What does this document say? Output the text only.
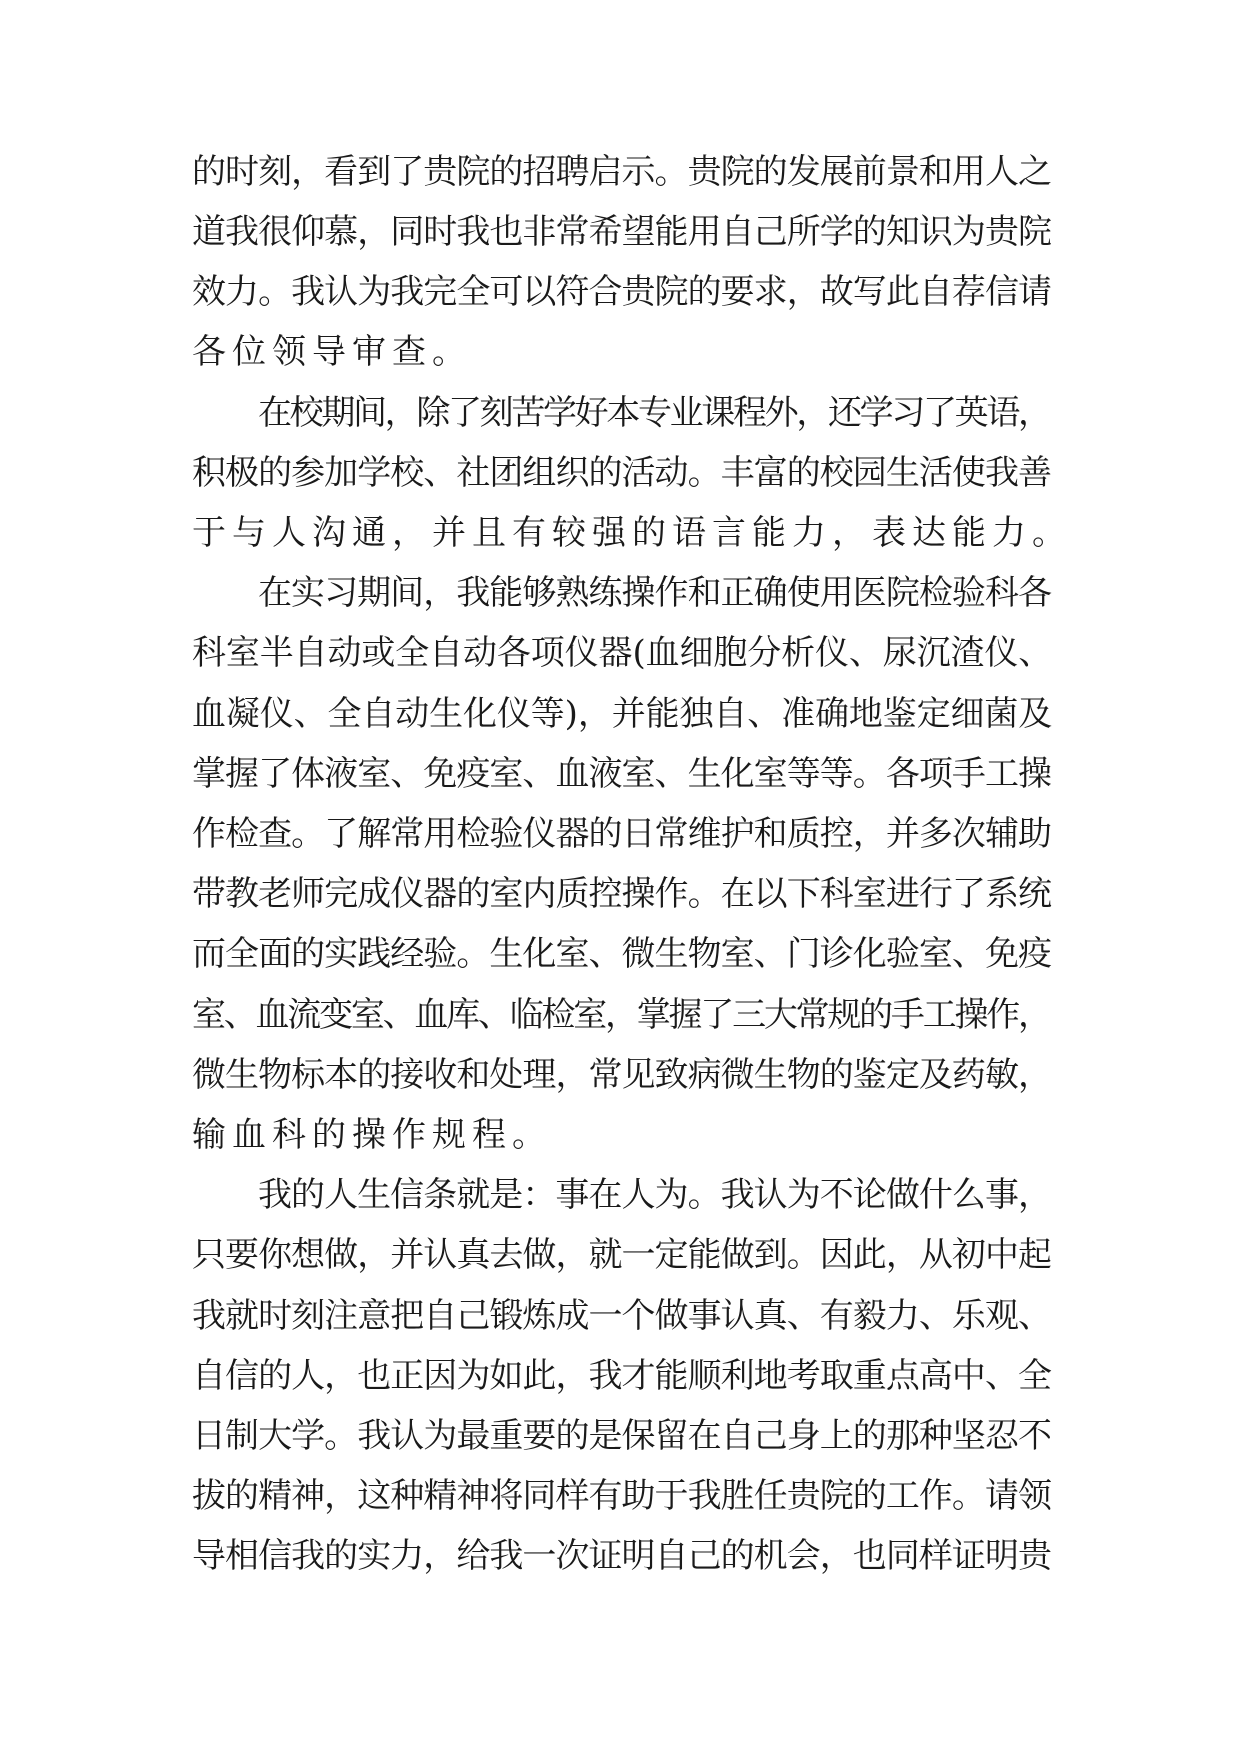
的时刻，看到了贵院的招聘启示。贵院的发展前景和用人之
道我很仰慕，同时我也非常希望能用自己所学的知识为贵院
效力。我认为我完全可以符合贵院的要求，故写此自荐信请
各位领导审查。
在校期间，除了刻苦学好本专业课程外，还学习了英语，
积极的参加学校、社团组织的活动。丰富的校园生活使我善
于与人沟通，并且有较强的语言能力，表达能力。
在实习期间，我能够熟练操作和正确使用医院检验科各
科室半自动或全自动各项仪器(血细胞分析仪、尿沉渣仪、
血凝仪、全自动生化仪等)，并能独自、准确地鉴定细菌及
掌握了体液室、免疫室、血液室、生化室等等。各项手工操
作检查。了解常用检验仪器的日常维护和质控，并多次辅助
带教老师完成仪器的室内质控操作。在以下科室进行了系统
而全面的实践经验。生化室、微生物室、门诊化验室、免疫
室、血流变室、血库、临检室，掌握了三大常规的手工操作，
微生物标本的接收和处理，常见致病微生物的鉴定及药敏，
输血科的操作规程。
我的人生信条就是：事在人为。我认为不论做什么事，
只要你想做，并认真去做，就一定能做到。因此，从初中起
我就时刻注意把自己锻炼成一个做事认真、有毅力、乐观、
自信的人，也正因为如此，我才能顺利地考取重点高中、全
日制大学。我认为最重要的是保留在自己身上的那种坚忍不
拔的精神，这种精神将同样有助于我胜任贵院的工作。请领
导相信我的实力，给我一次证明自己的机会，也同样证明贵
